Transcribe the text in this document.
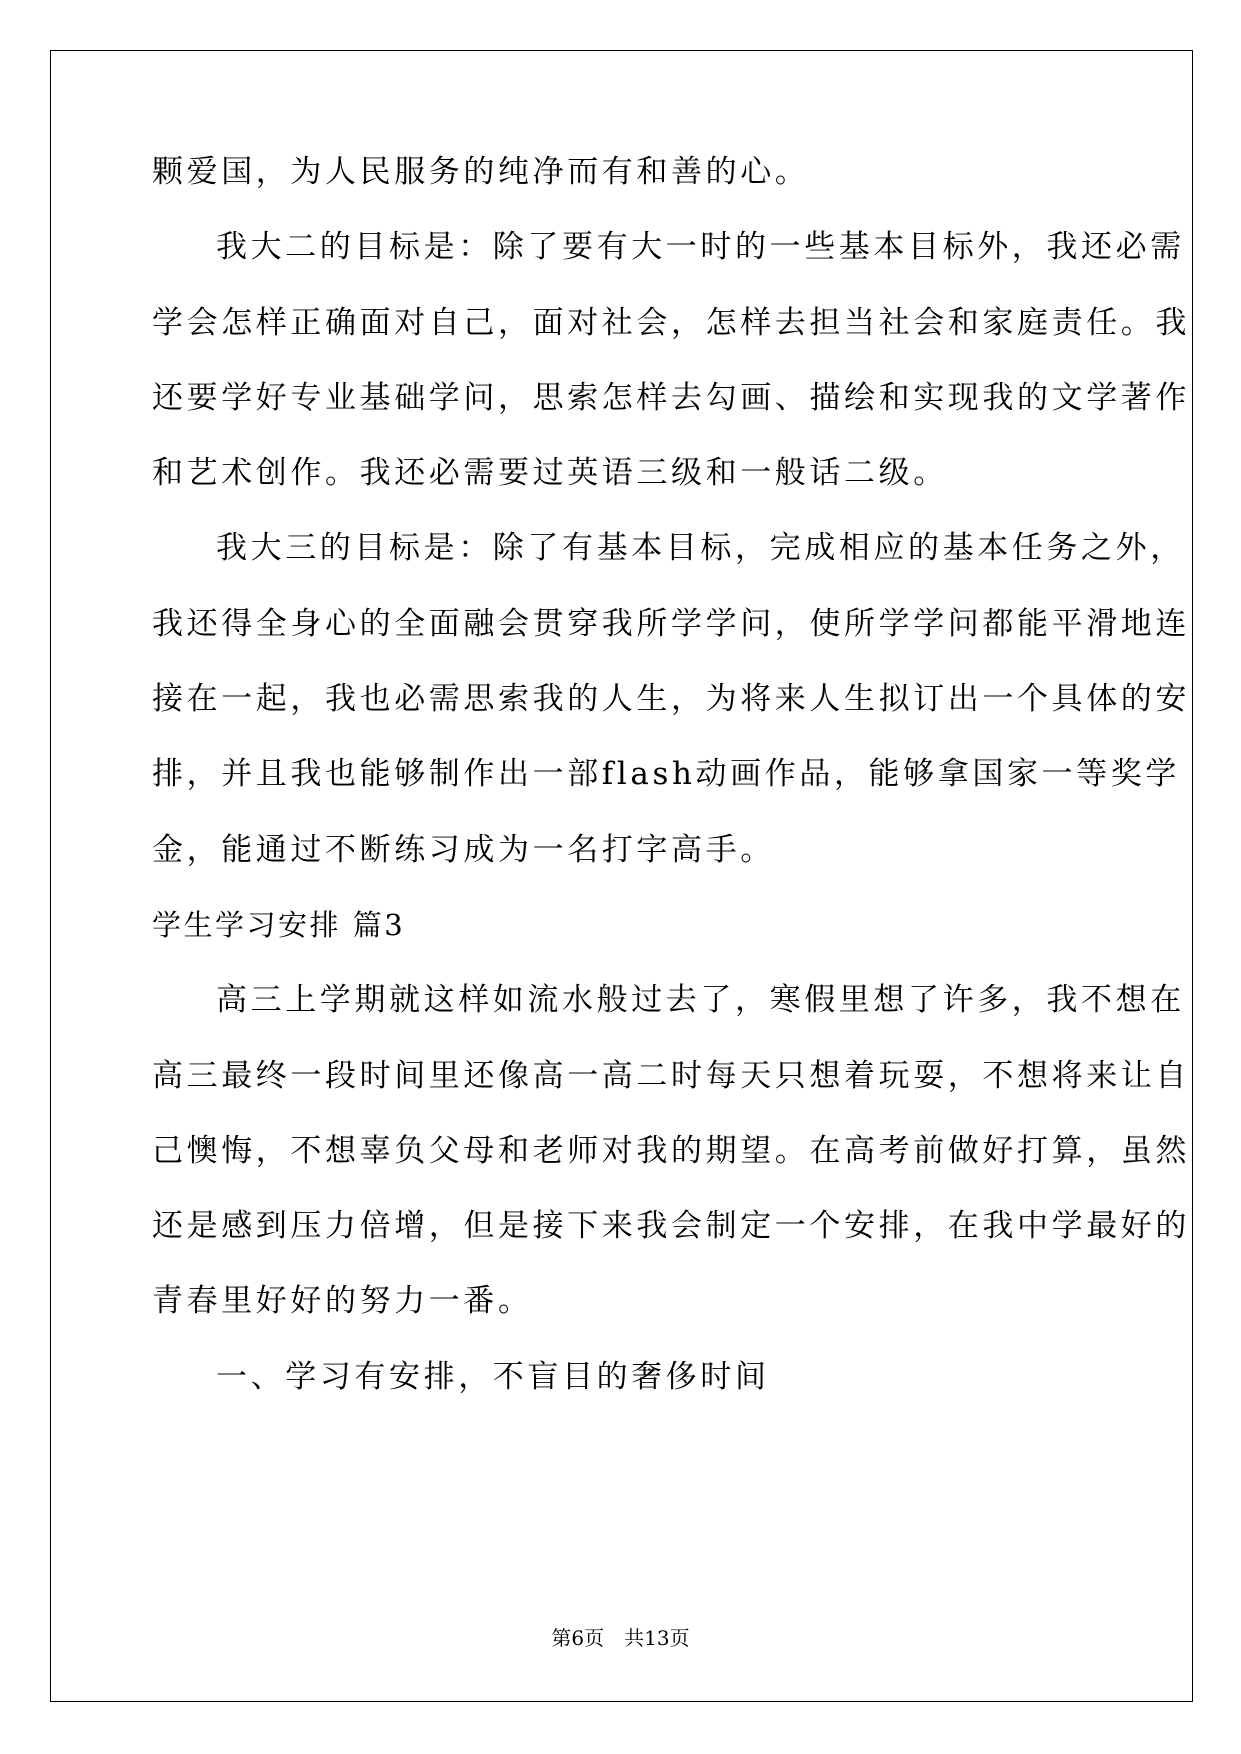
颗爱国，为人民服务的纯净而有和善的心。
我大二的目标是：除了要有大一时的一些基本目标外，我还必需
学会怎样正确面对自己，面对社会，怎样去担当社会和家庭责任。我
还要学好专业基础学问，思索怎样去勾画、描绘和实现我的文学著作
和艺术创作。我还必需要过英语三级和一般话二级。
我大三的目标是：除了有基本目标，完成相应的基本任务之外，
我还得全身心的全面融会贯穿我所学学问，使所学学问都能平滑地连
接在一起，我也必需思索我的人生，为将来人生拟订出一个具体的安
排，并且我也能够制作出一部flash动画作品，能够拿国家一等奖学
金，能通过不断练习成为一名打字高手。
学生学习安排 篇3
高三上学期就这样如流水般过去了，寒假里想了许多，我不想在
高三最终一段时间里还像高一高二时每天只想着玩耍，不想将来让自
己懊悔，不想辜负父母和老师对我的期望。在高考前做好打算，虽然
还是感到压力倍增，但是接下来我会制定一个安排，在我中学最好的
青春里好好的努力一番。
一、学习有安排，不盲目的奢侈时间
第6页　共13页
